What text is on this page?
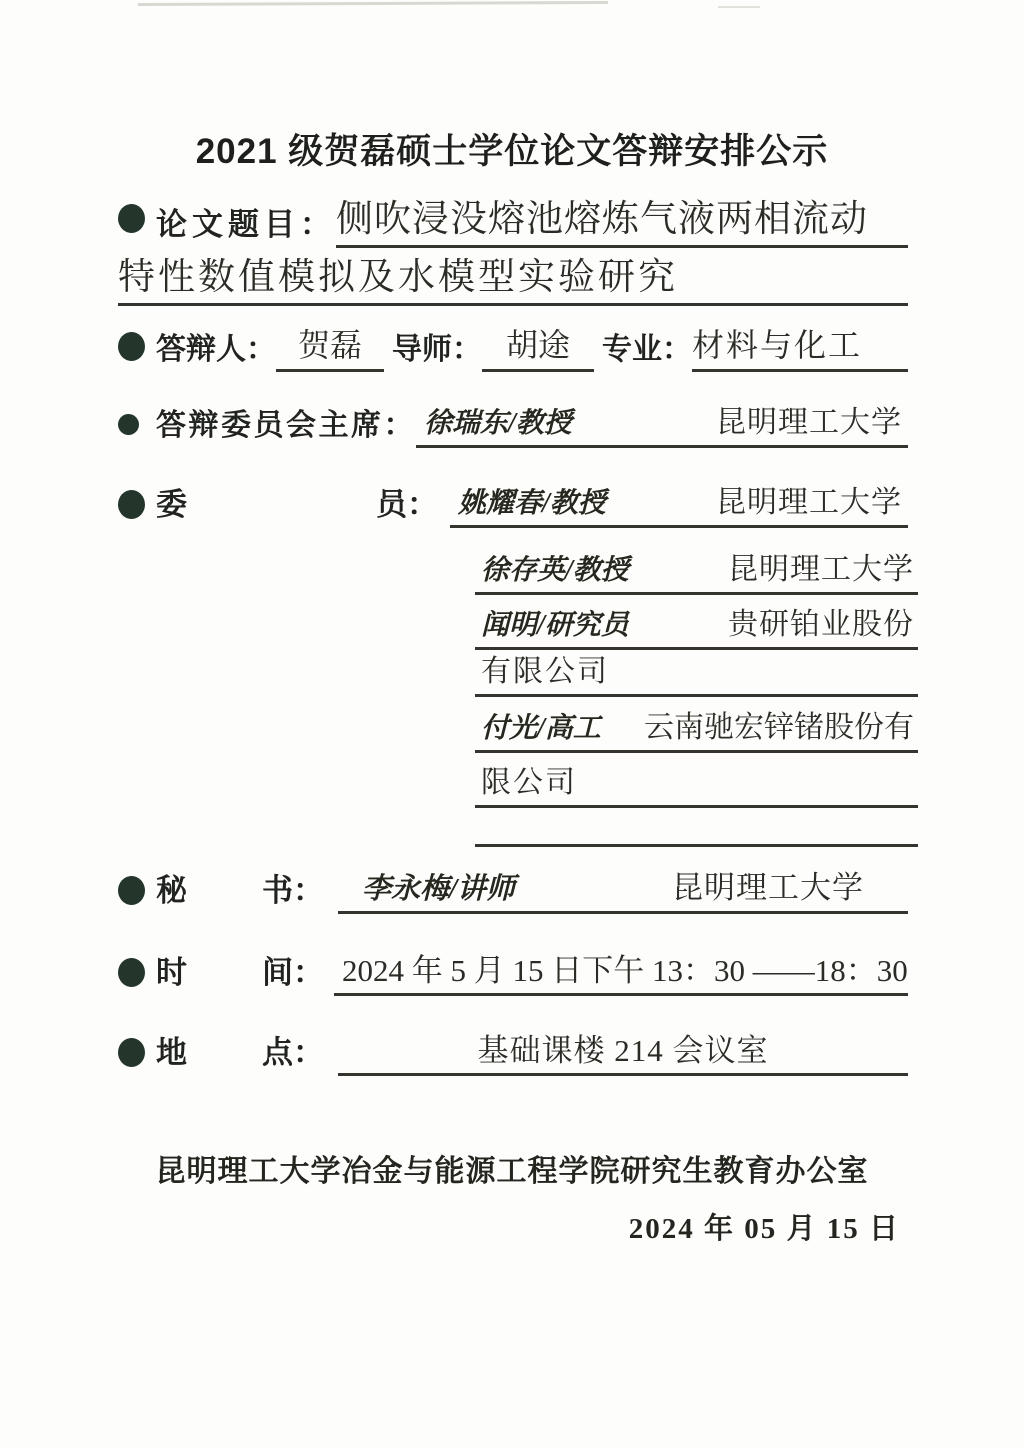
2021 级贺磊硕士学位论文答辩安排公示
论文题目： 侧吹浸没熔池熔炼气液两相流动
特性数值模拟及水模型实验研究
答辩人： 贺磊	导师： 胡途	专业： 材料与化工
答辩委员会主席： 徐瑞东/教授	昆明理工大学
委	员： 姚耀春/教授	昆明理工大学
徐存英/教授	昆明理工大学
闻明/研究员	贵研铂业股份
有限公司
付光/高工 云南驰宏锌锗股份有
限公司
秘 书： 李永梅/讲师	昆明理工大学
时 间： 2024 年 5 月 15 日下午 13：30 ——18：30
地 点：	基础课楼 214 会议室
昆明理工大学冶金与能源工程学院研究生教育办公室
2024 年 05 月 15 日
